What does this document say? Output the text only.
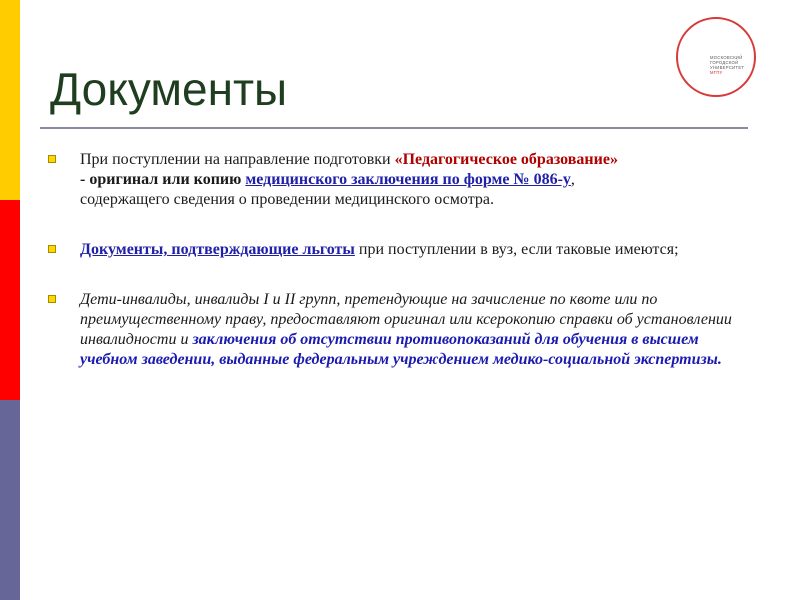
МОСКОВСКИЙ
ГОРОДСКОЙ
УНИВЕРСИТЕТ
МГПУ
Документы
При поступлении на направление подготовки «Педагогическое образование»
- оригинал или копию медицинского заключения по форме № 086-у,
содержащего сведения о проведении медицинского осмотра.
Документы, подтверждающие льготы при поступлении в вуз, если таковые имеются;
Дети-инвалиды, инвалиды I и II групп, претендующие на зачисление по квоте или по преимущественному праву, предоставляют оригинал или ксерокопию справки об установлении инвалидности и заключения об отсутствии противопоказаний для обучения в высшем учебном заведении, выданные федеральным учреждением медико-социальной экспертизы.
